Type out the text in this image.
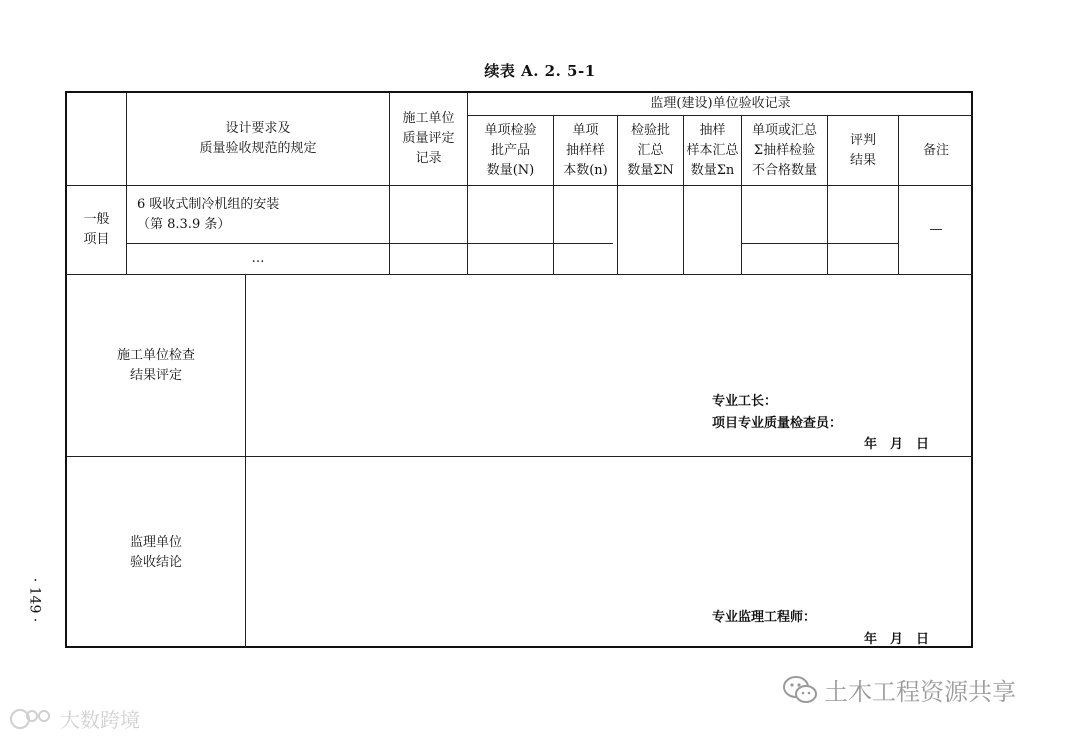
续表 A. 2. 5-1
设计要求及
质量验收规范的规定
施工单位
质量评定
记录
监理(建设)单位验收记录
单项检验
批产品
数量(N)
单项
抽样样
本数(n)
检验批
汇总
数量ΣN
抽样
样本汇总
数量Σn
单项或汇总
Σ抽样检验
不合格数量
评判
结果
备注
一般
项目
6 吸收式制冷机组的安装
（第 8.3.9 条）
…
—
施工单位检查
结果评定
专业工长：
项目专业质量检查员：
年　月　日
监理单位
验收结论
专业监理工程师：
年　月　日
· 149 ·
土木工程资源共享
大数跨境
